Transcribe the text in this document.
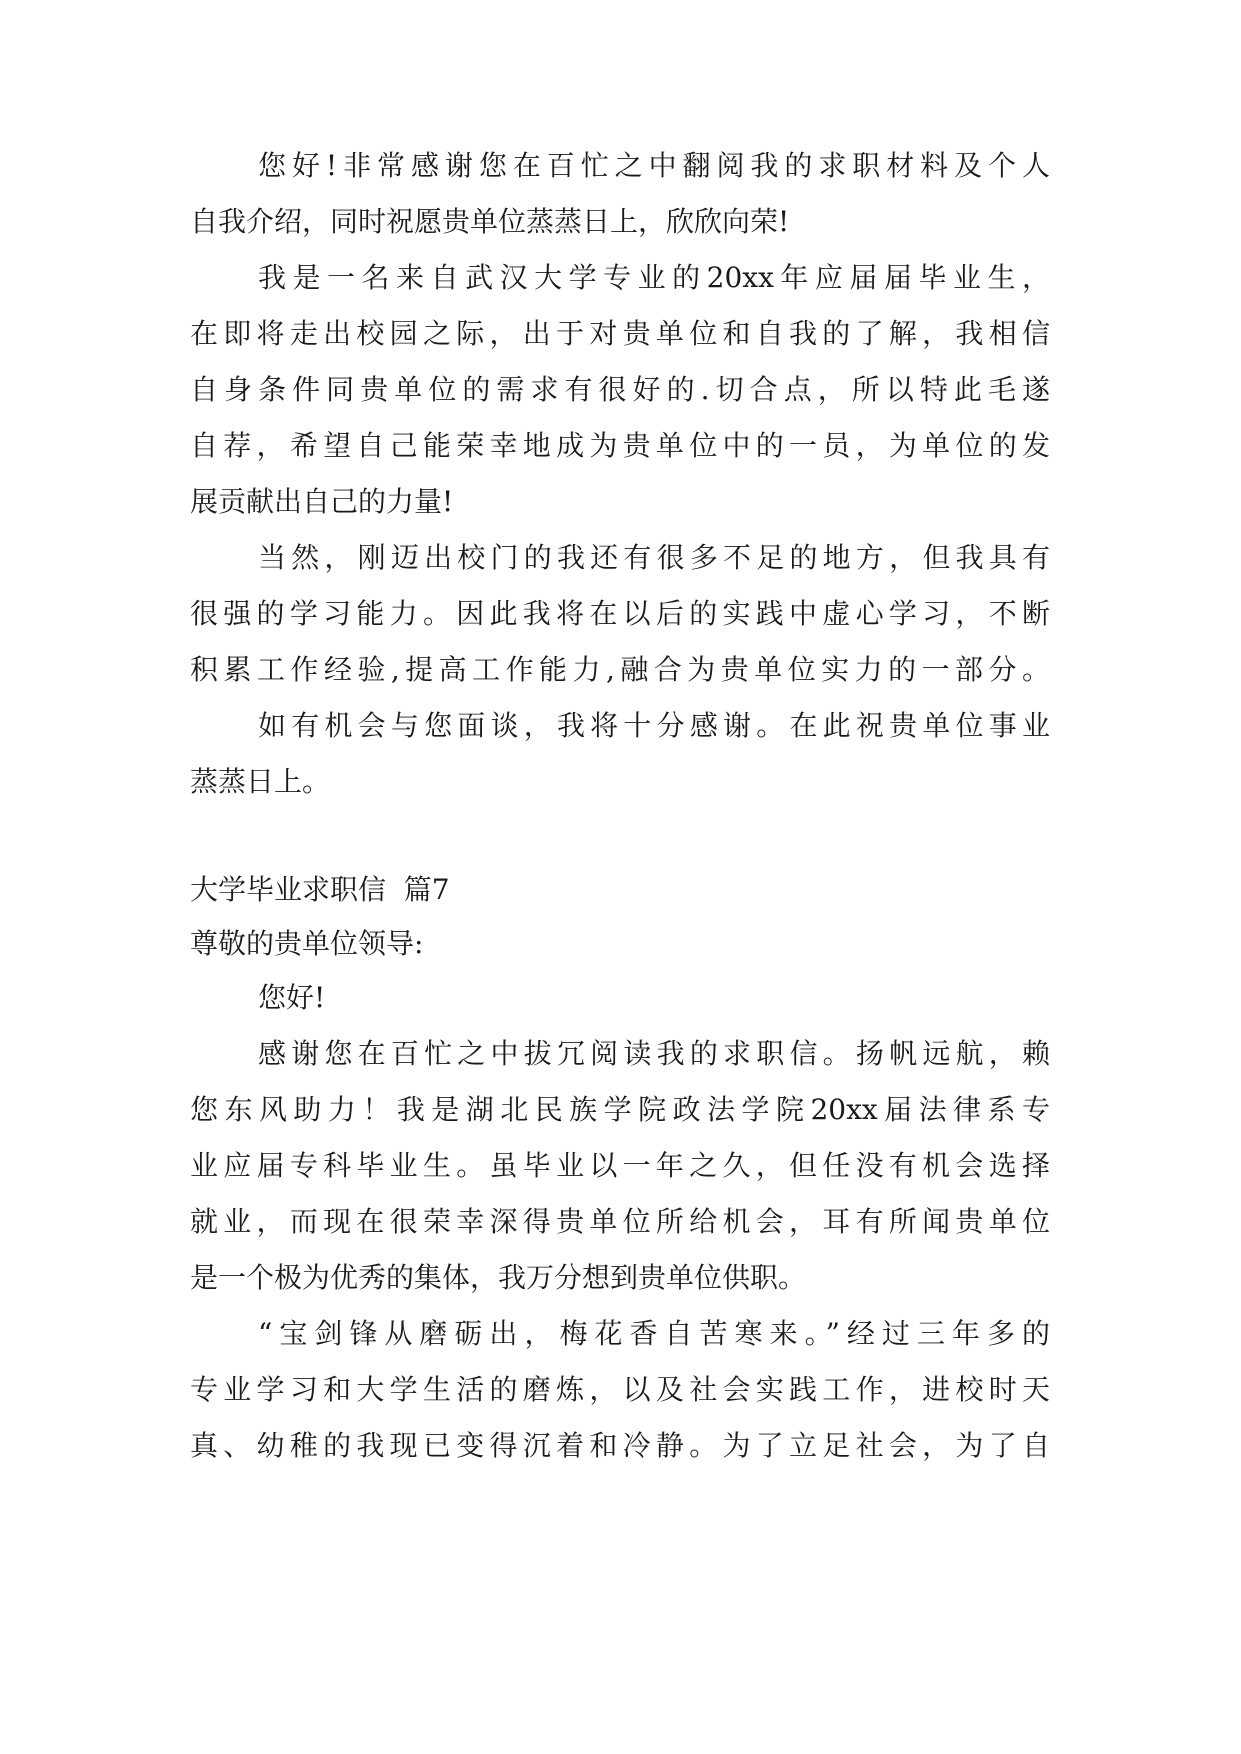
您好!非常感谢您在百忙之中翻阅我的求职材料及个人

自我介绍，同时祝愿贵单位蒸蒸日上，欣欣向荣!

我是一名来自武汉大学专业的20xx年应届届毕业生，

在即将走出校园之际，出于对贵单位和自我的了解，我相信

自身条件同贵单位的需求有很好的.切合点，所以特此毛遂

自荐，希望自己能荣幸地成为贵单位中的一员，为单位的发

展贡献出自己的力量!

当然，刚迈出校门的我还有很多不足的地方，但我具有

很强的学习能力。因此我将在以后的实践中虚心学习，不断

积累工作经验,提高工作能力,融合为贵单位实力的一部分。

如有机会与您面谈，我将十分感谢。在此祝贵单位事业

蒸蒸日上。

大学毕业求职信  篇7

尊敬的贵单位领导:

您好!

感谢您在百忙之中拔冗阅读我的求职信。扬帆远航，赖

您东风助力！我是湖北民族学院政法学院20xx届法律系专

业应届专科毕业生。虽毕业以一年之久，但任没有机会选择

就业，而现在很荣幸深得贵单位所给机会，耳有所闻贵单位

是一个极为优秀的集体，我万分想到贵单位供职。

“宝剑锋从磨砺出，梅花香自苦寒来。”经过三年多的

专业学习和大学生活的磨炼，以及社会实践工作，进校时天

真、幼稚的我现已变得沉着和冷静。为了立足社会，为了自
